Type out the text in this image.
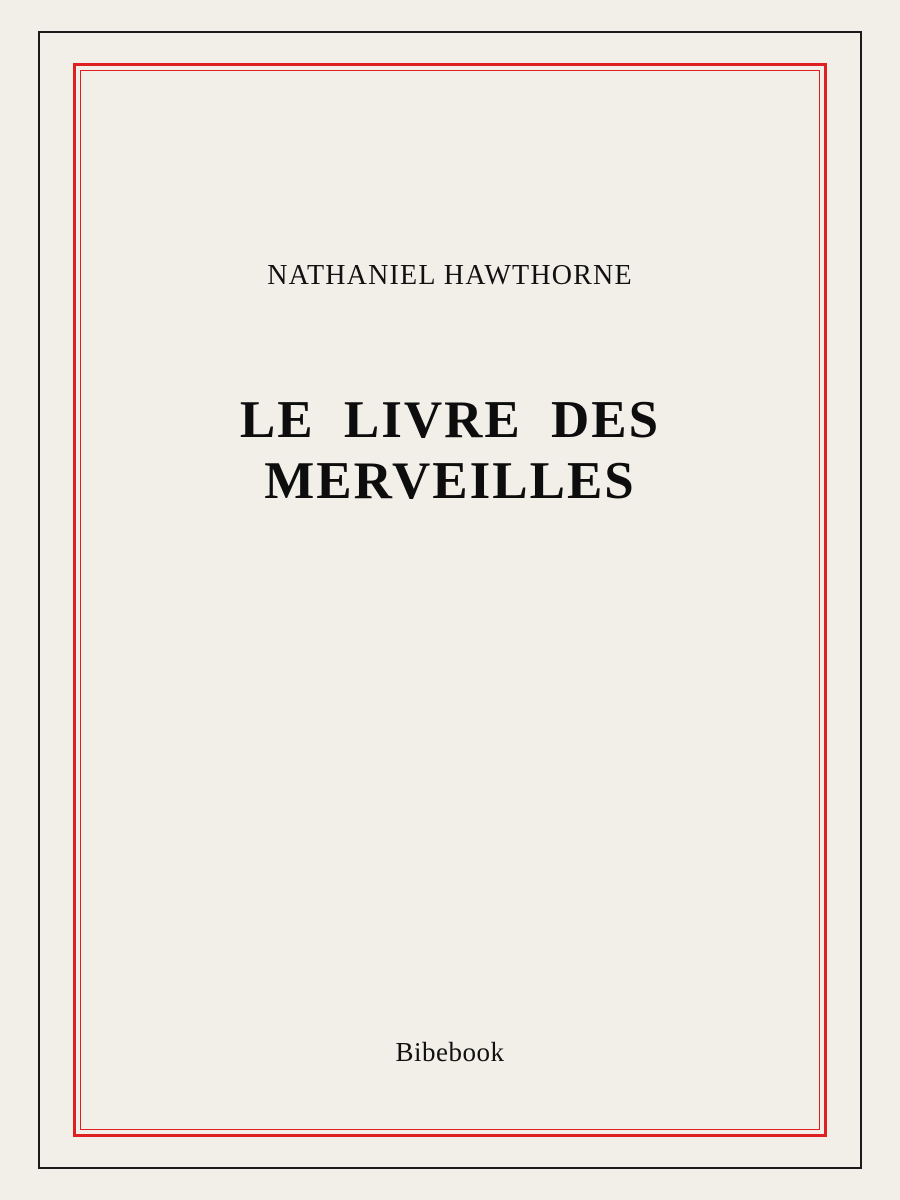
NATHANIEL HAWTHORNE
LE LIVRE DES
MERVEILLES
Bibebook
